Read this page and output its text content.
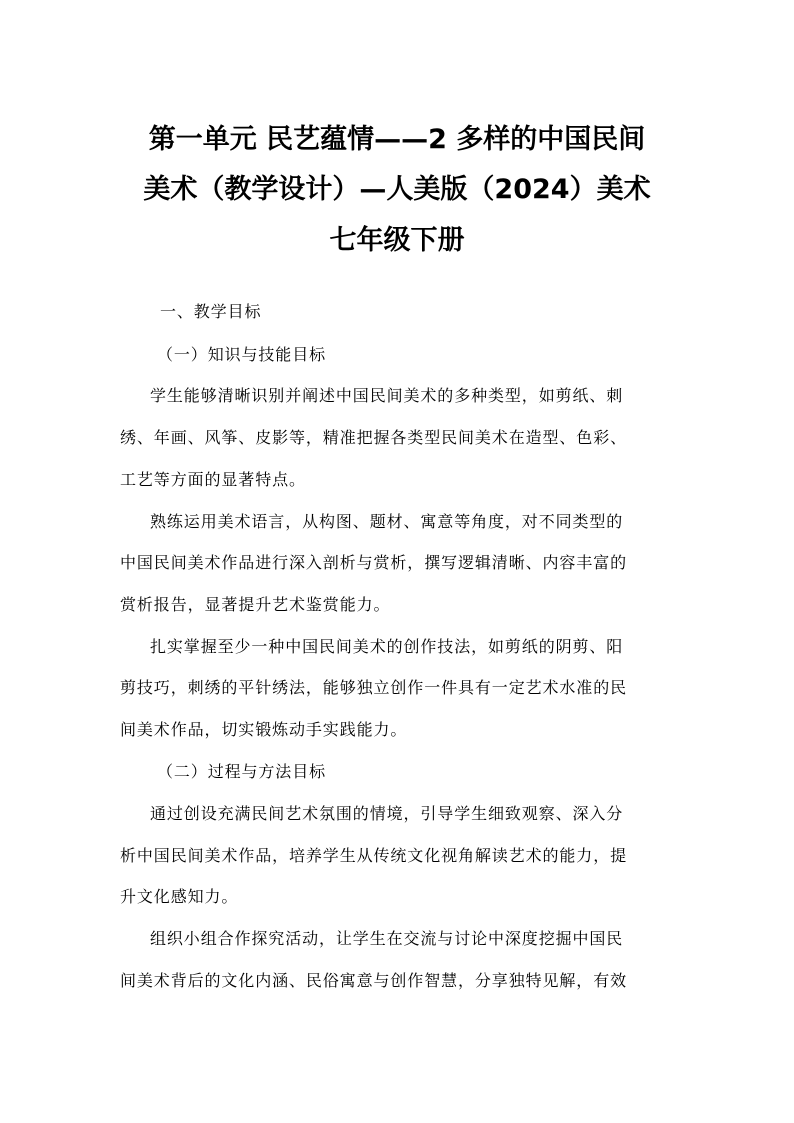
第一单元 民艺蕴情——2 多样的中国民间
美术（教学设计）—人美版（2024）美术
七年级下册
一、教学目标
（一）知识与技能目标
学生能够清晰识别并阐述中国民间美术的多种类型，如剪纸、刺
绣、年画、风筝、皮影等，精准把握各类型民间美术在造型、色彩、
工艺等方面的显著特点。
熟练运用美术语言，从构图、题材、寓意等角度，对不同类型的
中国民间美术作品进行深入剖析与赏析，撰写逻辑清晰、内容丰富的
赏析报告，显著提升艺术鉴赏能力。
扎实掌握至少一种中国民间美术的创作技法，如剪纸的阴剪、阳
剪技巧，刺绣的平针绣法，能够独立创作一件具有一定艺术水准的民
间美术作品，切实锻炼动手实践能力。
（二）过程与方法目标
通过创设充满民间艺术氛围的情境，引导学生细致观察、深入分
析中国民间美术作品，培养学生从传统文化视角解读艺术的能力，提
升文化感知力。
组织小组合作探究活动，让学生在交流与讨论中深度挖掘中国民
间美术背后的文化内涵、民俗寓意与创作智慧，分享独特见解，有效
